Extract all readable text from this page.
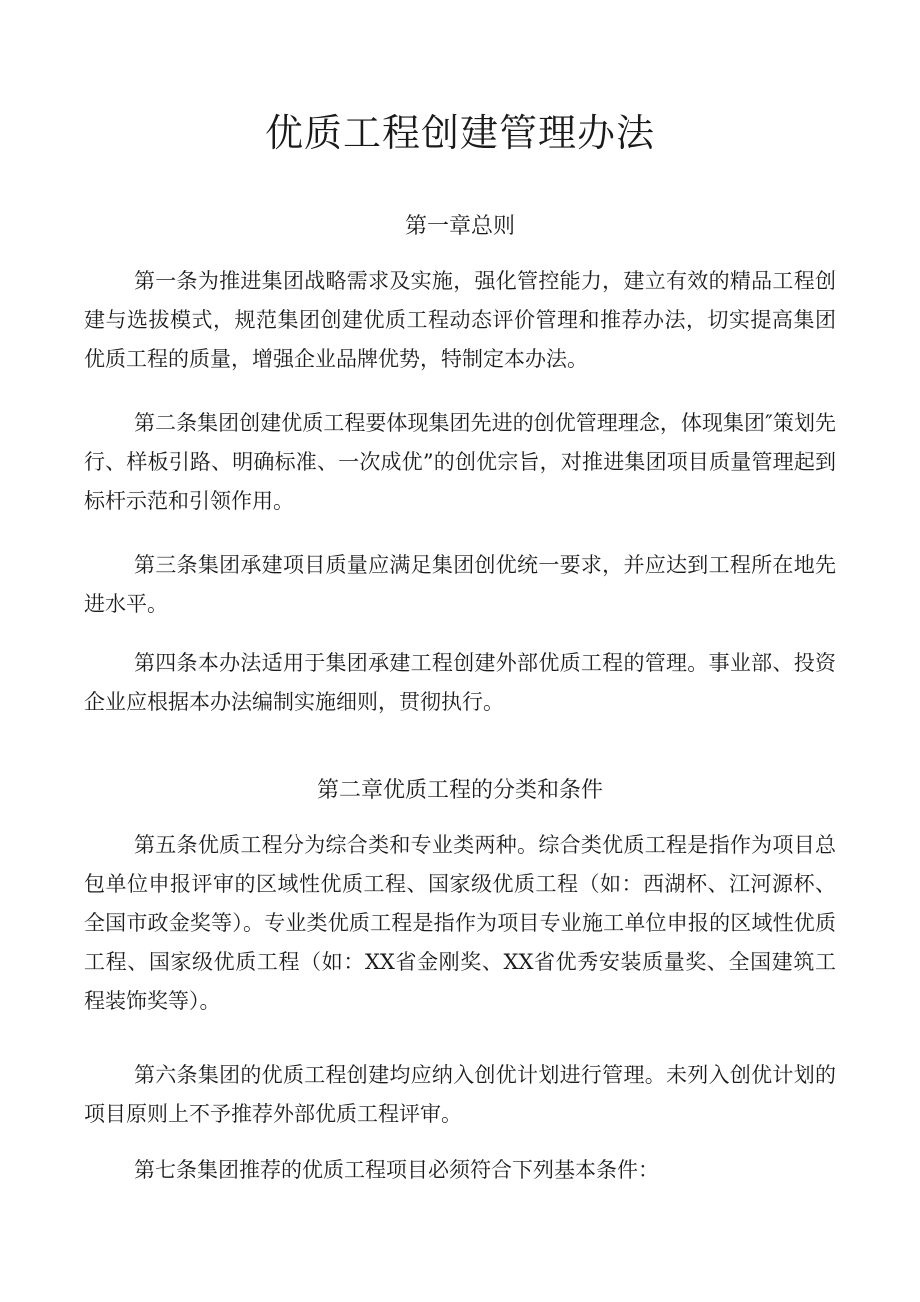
优质工程创建管理办法
第一章总则

第一条为推进集团战略需求及实施，强化管控能力，建立有效的精品工程创建与选拔模式，规范集团创建优质工程动态评价管理和推荐办法，切实提高集团优质工程的质量，增强企业品牌优势，特制定本办法。

第二条集团创建优质工程要体现集团先进的创优管理理念，体现集团″策划先行、样板引路、明确标准、一次成优”的创优宗旨，对推进集团项目质量管理起到标杆示范和引领作用。

第三条集团承建项目质量应满足集团创优统一要求，并应达到工程所在地先进水平。

第四条本办法适用于集团承建工程创建外部优质工程的管理。事业部、投资企业应根据本办法编制实施细则，贯彻执行。

第二章优质工程的分类和条件

第五条优质工程分为综合类和专业类两种。综合类优质工程是指作为项目总包单位申报评审的区域性优质工程、国家级优质工程（如：西湖杯、江河源杯、全国市政金奖等）。专业类优质工程是指作为项目专业施工单位申报的区域性优质工程、国家级优质工程（如：XX省金刚奖、XX省优秀安装质量奖、全国建筑工程装饰奖等）。

第六条集团的优质工程创建均应纳入创优计划进行管理。未列入创优计划的项目原则上不予推荐外部优质工程评审。

第七条集团推荐的优质工程项目必须符合下列基本条件：
